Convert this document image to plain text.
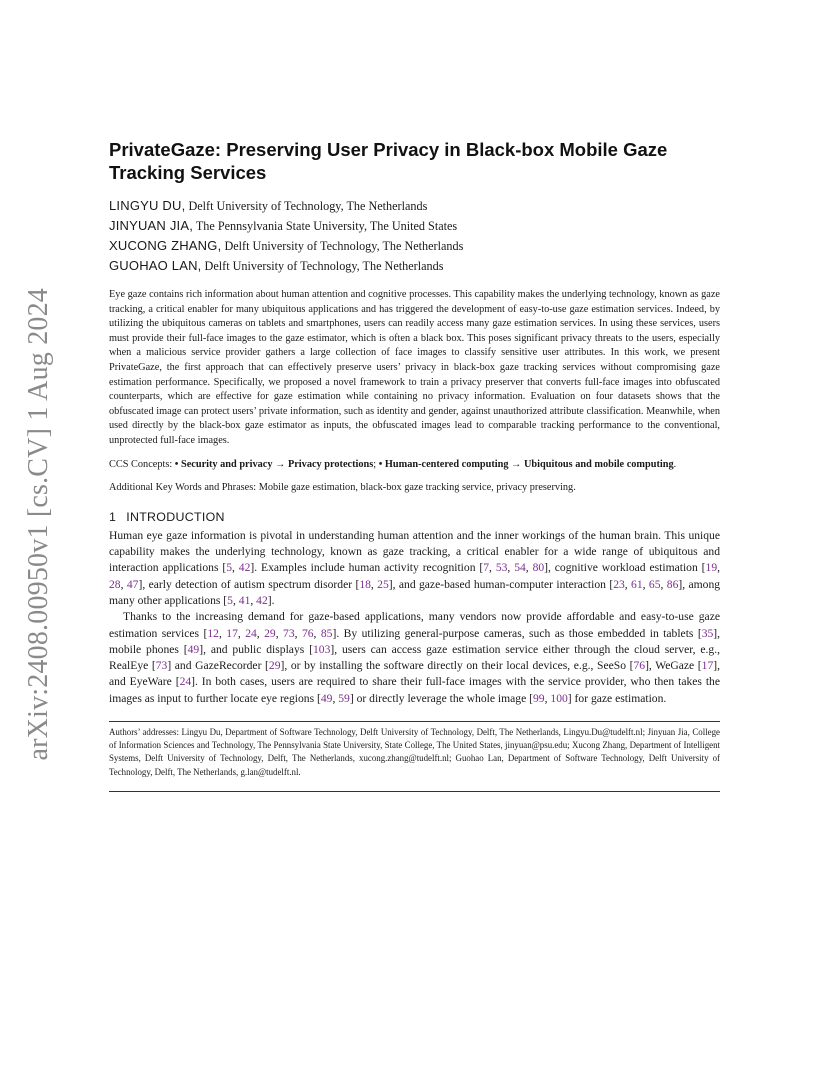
arXiv:2408.00950v1 [cs.CV] 1 Aug 2024
PrivateGaze: Preserving User Privacy in Black-box Mobile Gaze Tracking Services
LINGYU DU, Delft University of Technology, The Netherlands
JINYUAN JIA, The Pennsylvania State University, The United States
XUCONG ZHANG, Delft University of Technology, The Netherlands
GUOHAO LAN, Delft University of Technology, The Netherlands
Eye gaze contains rich information about human attention and cognitive processes. This capability makes the underlying technology, known as gaze tracking, a critical enabler for many ubiquitous applications and has triggered the development of easy-to-use gaze estimation services. Indeed, by utilizing the ubiquitous cameras on tablets and smartphones, users can readily access many gaze estimation services. In using these services, users must provide their full-face images to the gaze estimator, which is often a black box. This poses significant privacy threats to the users, especially when a malicious service provider gathers a large collection of face images to classify sensitive user attributes. In this work, we present PrivateGaze, the first approach that can effectively preserve users’ privacy in black-box gaze tracking services without compromising gaze estimation performance. Specifically, we proposed a novel framework to train a privacy preserver that converts full-face images into obfuscated counterparts, which are effective for gaze estimation while containing no privacy information. Evaluation on four datasets shows that the obfuscated image can protect users’ private information, such as identity and gender, against unauthorized attribute classification. Meanwhile, when used directly by the black-box gaze estimator as inputs, the obfuscated images lead to comparable tracking performance to the conventional, unprotected full-face images.
CCS Concepts: • Security and privacy → Privacy protections; • Human-centered computing → Ubiquitous and mobile computing.
Additional Key Words and Phrases: Mobile gaze estimation, black-box gaze tracking service, privacy preserving.
1 INTRODUCTION

Human eye gaze information is pivotal in understanding human attention and the inner workings of the human brain. This unique capability makes the underlying technology, known as gaze tracking, a critical enabler for a wide range of ubiquitous and interaction applications [5, 42]. Examples include human activity recognition [7, 53, 54, 80], cognitive workload estimation [19, 28, 47], early detection of autism spectrum disorder [18, 25], and gaze-based human-computer interaction [23, 61, 65, 86], among many other applications [5, 41, 42].

Thanks to the increasing demand for gaze-based applications, many vendors now provide affordable and easy-to-use gaze estimation services [12, 17, 24, 29, 73, 76, 85]. By utilizing general-purpose cameras, such as those embedded in tablets [35], mobile phones [49], and public displays [103], users can access gaze estimation service either through the cloud server, e.g., RealEye [73] and GazeRecorder [29], or by installing the software directly on their local devices, e.g., SeeSo [76], WeGaze [17], and EyeWare [24]. In both cases, users are required to share their full-face images with the service provider, who then takes the images as input to further locate eye regions [49, 59] or directly leverage the whole image [99, 100] for gaze estimation.

Authors’ addresses: Lingyu Du, Department of Software Technology, Delft University of Technology, Delft, The Netherlands, Lingyu.Du@tudelft.nl; Jinyuan Jia, College of Information Sciences and Technology, The Pennsylvania State University, State College, The United States, jinyuan@psu.edu; Xucong Zhang, Department of Intelligent Systems, Delft University of Technology, Delft, The Netherlands, xucong.zhang@tudelft.nl; Guohao Lan, Department of Software Technology, Delft University of Technology, Delft, The Netherlands, g.lan@tudelft.nl.
